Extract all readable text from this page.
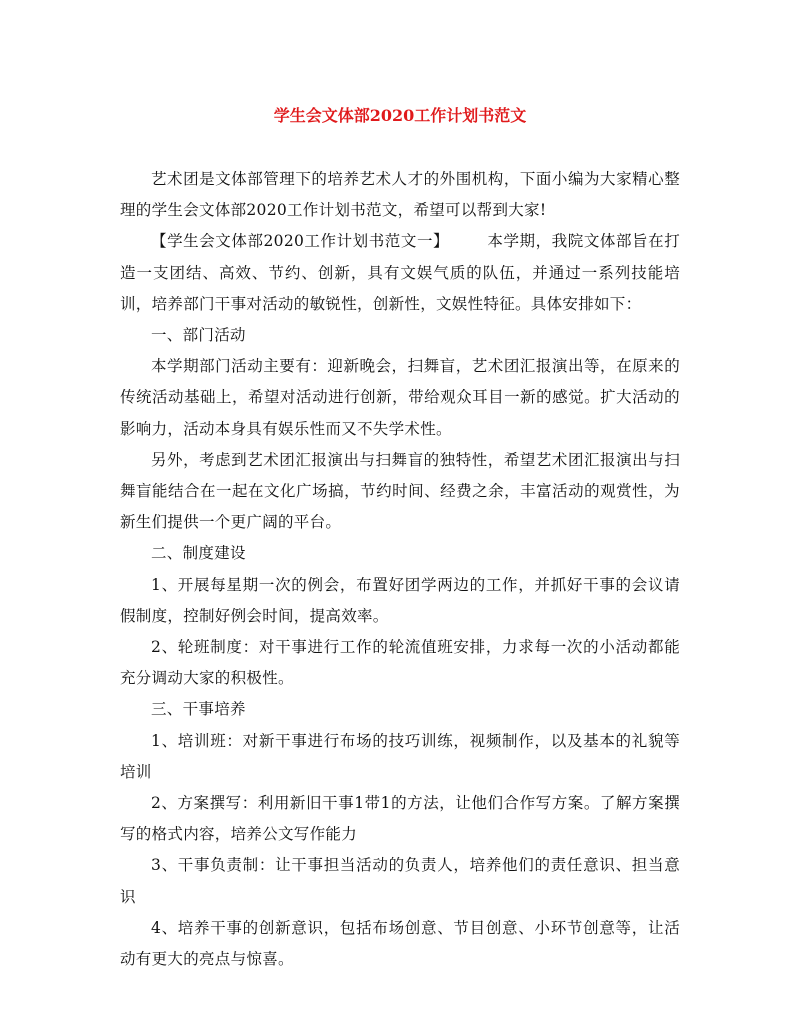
学生会文体部2020工作计划书范文

艺术团是文体部管理下的培养艺术人才的外围机构，下面小编为大家精心整理的学生会文体部2020工作计划书范文，希望可以帮到大家!

【学生会文体部2020工作计划书范文一】 本学期，我院文体部旨在打造一支团结、高效、节约、创新，具有文娱气质的队伍，并通过一系列技能培训，培养部门干事对活动的敏锐性，创新性，文娱性特征。具体安排如下：

一、部门活动

本学期部门活动主要有：迎新晚会，扫舞盲，艺术团汇报演出等，在原来的传统活动基础上，希望对活动进行创新，带给观众耳目一新的感觉。扩大活动的影响力，活动本身具有娱乐性而又不失学术性。

另外，考虑到艺术团汇报演出与扫舞盲的独特性，希望艺术团汇报演出与扫舞盲能结合在一起在文化广场搞，节约时间、经费之余，丰富活动的观赏性，为新生们提供一个更广阔的平台。

二、制度建设

1、开展每星期一次的例会，布置好团学两边的工作，并抓好干事的会议请假制度，控制好例会时间，提高效率。

2、轮班制度：对干事进行工作的轮流值班安排，力求每一次的小活动都能充分调动大家的积极性。

三、干事培养

1、培训班：对新干事进行布场的技巧训练，视频制作，以及基本的礼貌等培训

2、方案撰写：利用新旧干事1带1的方法，让他们合作写方案。了解方案撰写的格式内容，培养公文写作能力

3、干事负责制：让干事担当活动的负责人，培养他们的责任意识、担当意识

4、培养干事的创新意识，包括布场创意、节目创意、小环节创意等，让活动有更大的亮点与惊喜。
